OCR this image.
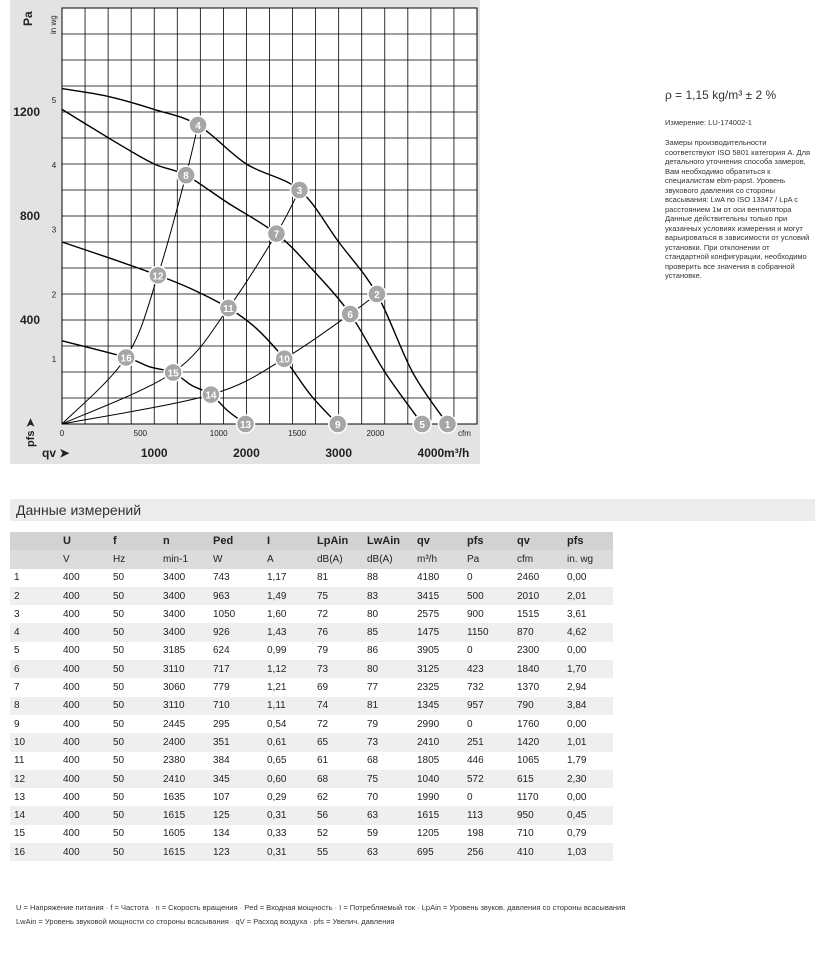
400
800
1200
1
2
3
4
5
Pa in wg
pfs ➤	0	500	1000	1500	2000	cfm
1000	2000	3000	4000 m³/h
qv ➤
1
2
3
4
5
6
7
8
9
10
11
12
13
14
15
16
ρ = 1,15 kg/m³ ± 2 %
Измерение: LU-174002-1
Замеры производительности
соответствуют ISO 5801 категория A. Для
детального уточнения способа замеров,
Вам необходимо обратиться к
специалистам ebm-papst. Уровень
звукового давления со стороны
всасывания: LwA по ISO 13347 / LpA с
расстоянием 1м от оси вентилятора
Данные действительны только при
указанных условиях измерения и могут
варьироваться в зависимости от условий
установки. При отклонении от
стандартной конфигурации, необходимо
проверить все значения в собранной
установке.
Данные измерений
	U	f	n	Ped	I	LpAin	LwAin	qv	pfs	qv	pfs
	V	Hz	min-1	W	A	dB(A)	dB(A)	m³/h	Pa	cfm	in. wg
1	400	50	3400	743	1,17	81	88	4180	0	2460	0,00
2	400	50	3400	963	1,49	75	83	3415	500	2010	2,01
3	400	50	3400	1050	1,60	72	80	2575	900	1515	3,61
4	400	50	3400	926	1,43	76	85	1475	1150	870	4,62
5	400	50	3185	624	0,99	79	86	3905	0	2300	0,00
6	400	50	3110	717	1,12	73	80	3125	423	1840	1,70
7	400	50	3060	779	1,21	69	77	2325	732	1370	2,94
8	400	50	3110	710	1,11	74	81	1345	957	790	3,84
9	400	50	2445	295	0,54	72	79	2990	0	1760	0,00
10	400	50	2400	351	0,61	65	73	2410	251	1420	1,01
11	400	50	2380	384	0,65	61	68	1805	446	1065	1,79
12	400	50	2410	345	0,60	68	75	1040	572	615	2,30
13	400	50	1635	107	0,29	62	70	1990	0	1170	0,00
14	400	50	1615	125	0,31	56	63	1615	113	950	0,45
15	400	50	1605	134	0,33	52	59	1205	198	710	0,79
16	400	50	1615	123	0,31	55	63	695	256	410	1,03
U = Напряжение питания · f = Частота · n = Скорость вращения · Ped = Входная мощность · I = Потребляемый ток · LpAin = Уровень звуков. давления со стороны всасывания
LwAin = Уровень звуковой мощности со стороны всасывания · qV = Расход воздуха · pfs = Увелич. давления
